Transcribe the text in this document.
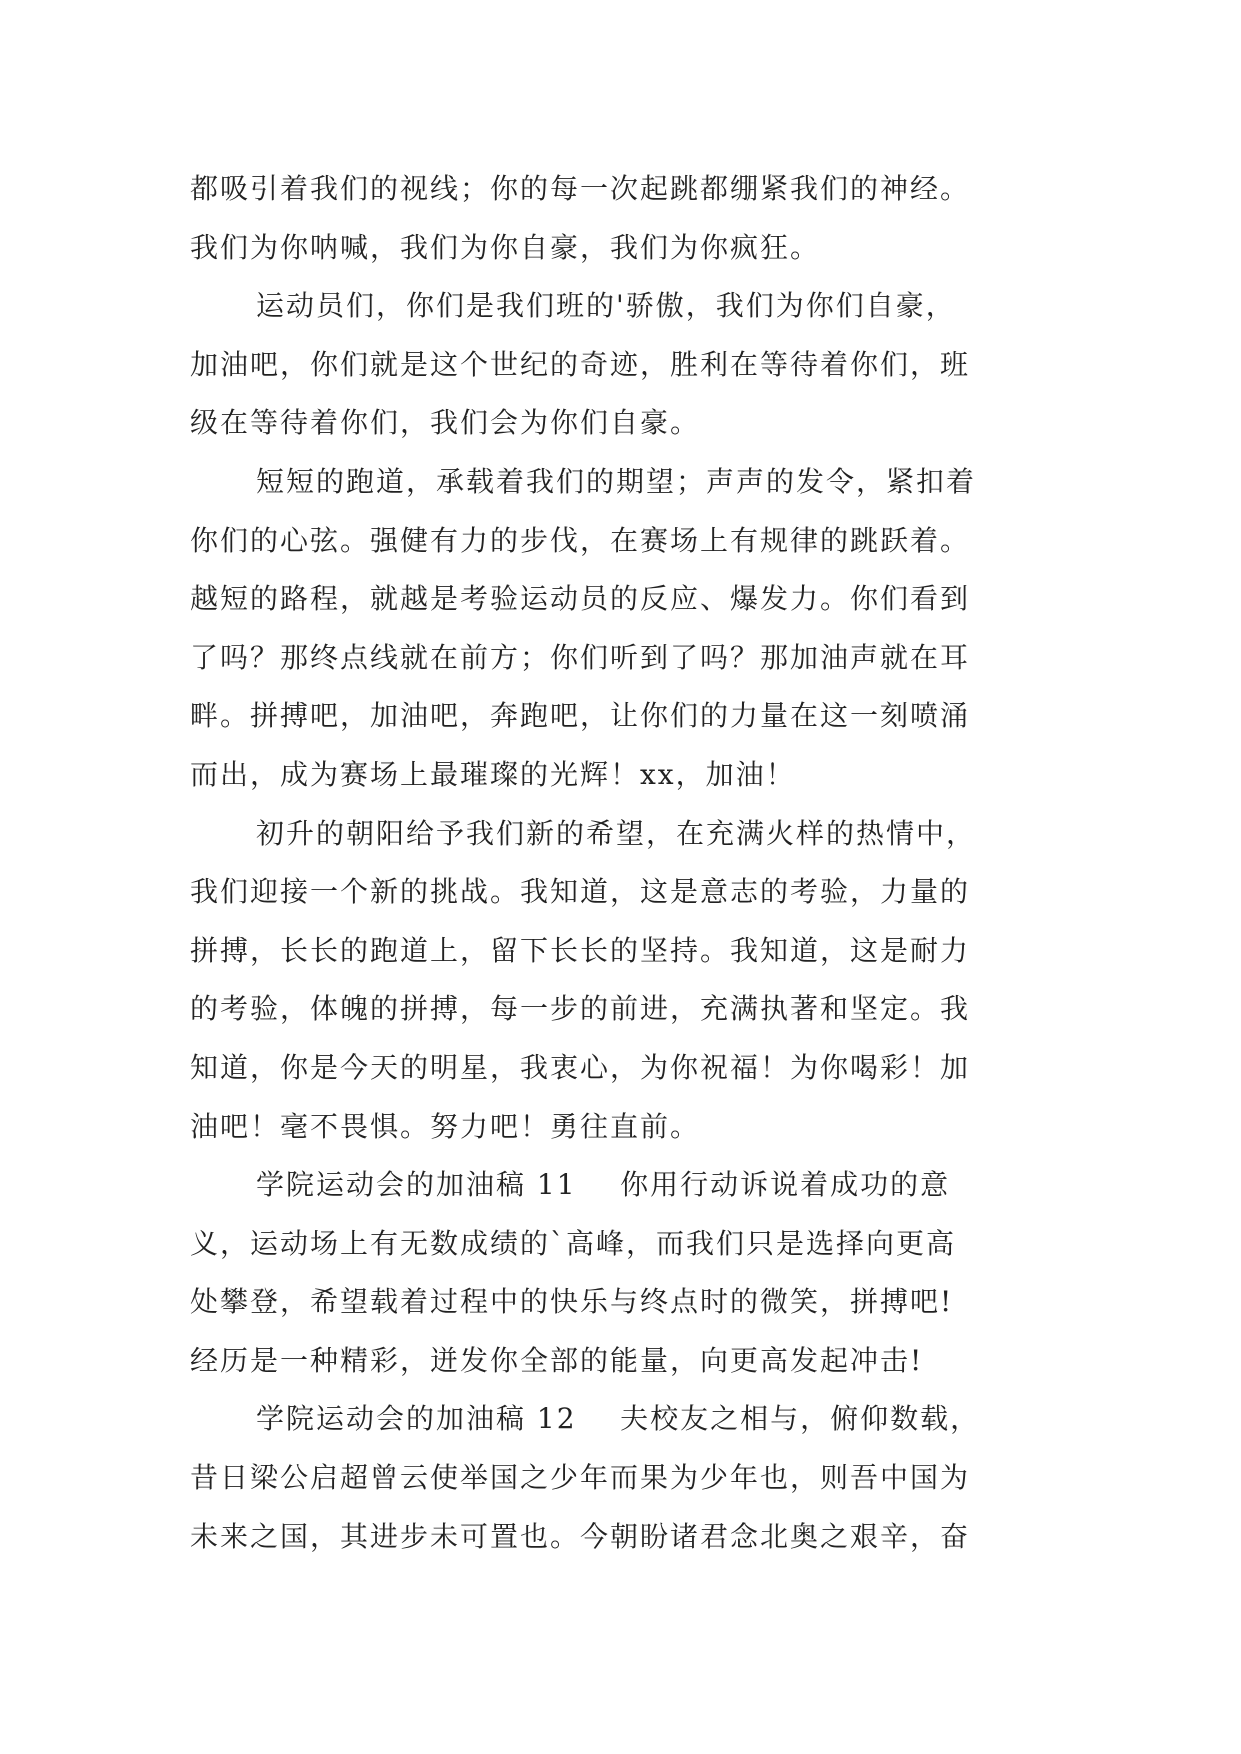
都吸引着我们的视线；你的每一次起跳都绷紧我们的神经。
我们为你呐喊，我们为你自豪，我们为你疯狂。
运动员们，你们是我们班的'骄傲，我们为你们自豪，
加油吧，你们就是这个世纪的奇迹，胜利在等待着你们，班
级在等待着你们，我们会为你们自豪。
短短的跑道，承载着我们的期望；声声的发令，紧扣着
你们的心弦。强健有力的步伐，在赛场上有规律的跳跃着。
越短的路程，就越是考验运动员的反应、爆发力。你们看到
了吗？那终点线就在前方；你们听到了吗？那加油声就在耳
畔。拼搏吧，加油吧，奔跑吧，让你们的力量在这一刻喷涌
而出，成为赛场上最璀璨的光辉！xx，加油！
初升的朝阳给予我们新的希望，在充满火样的热情中，
我们迎接一个新的挑战。我知道，这是意志的考验，力量的
拼搏，长长的跑道上，留下长长的坚持。我知道，这是耐力
的考验，体魄的拼搏，每一步的前进，充满执著和坚定。我
知道，你是今天的明星，我衷心，为你祝福！为你喝彩！加
油吧！毫不畏惧。努力吧！勇往直前。
学院运动会的加油稿 11    你用行动诉说着成功的意
义，运动场上有无数成绩的`高峰，而我们只是选择向更高
处攀登，希望载着过程中的快乐与终点时的微笑，拼搏吧!
经历是一种精彩，迸发你全部的能量，向更高发起冲击!
学院运动会的加油稿 12    夫校友之相与，俯仰数载，
昔日梁公启超曾云使举国之少年而果为少年也，则吾中国为
未来之国，其进步未可置也。今朝盼诸君念北奥之艰辛，奋
